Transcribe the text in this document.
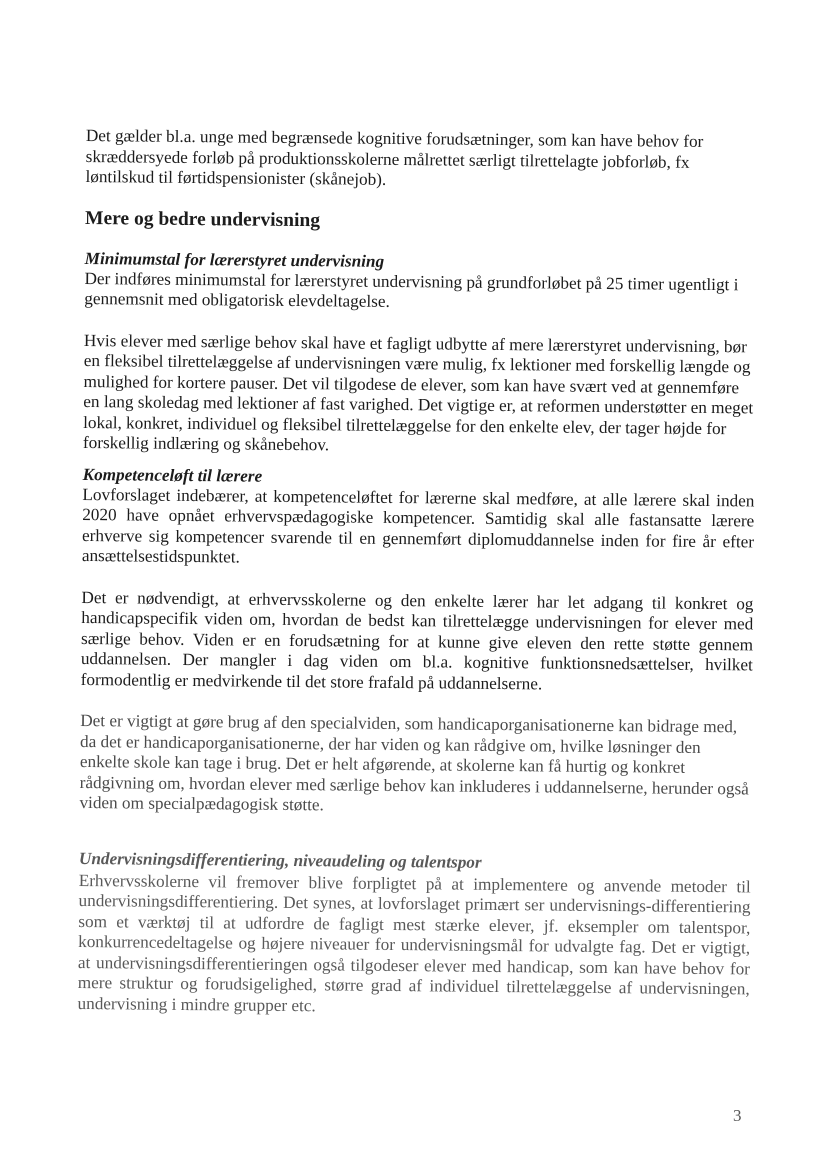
Det gælder bl.a. unge med begrænsede kognitive forudsætninger, som kan have behov for skræddersyede forløb på produktionsskolerne målrettet særligt tilrettelagte jobforløb, fx løntilskud til førtidspensionister (skånejob).

Mere og bedre undervisning
Minimumstal for lærerstyret undervisning

Der indføres minimumstal for lærerstyret undervisning på grundforløbet på 25 timer ugentligt i gennemsnit med obligatorisk elevdeltagelse.

Hvis elever med særlige behov skal have et fagligt udbytte af mere lærerstyret undervisning, bør en fleksibel tilrettelæggelse af undervisningen være mulig, fx lektioner med forskellig længde og mulighed for kortere pauser. Det vil tilgodese de elever, som kan have svært ved at gennemføre en lang skoledag med lektioner af fast varighed. Det vigtige er, at reformen understøtter en meget lokal, konkret, individuel og fleksibel tilrettelæggelse for den enkelte elev, der tager højde for forskellig indlæring og skånebehov.

Kompetenceløft til lærere

Lovforslaget indebærer, at kompetenceløftet for lærerne skal medføre, at alle lærere skal inden 2020 have opnået erhvervspædagogiske kompetencer. Samtidig skal alle fastansatte lærere erhverve sig kompetencer svarende til en gennemført diplomuddannelse inden for fire år efter ansættelsestidspunktet.

Det er nødvendigt, at erhvervsskolerne og den enkelte lærer har let adgang til konkret og handicapspecifik viden om, hvordan de bedst kan tilrettelægge undervisningen for elever med særlige behov. Viden er en forudsætning for at kunne give eleven den rette støtte gennem uddannelsen. Der mangler i dag viden om bl.a. kognitive funktionsnedsættelser, hvilket formodentlig er medvirkende til det store frafald på uddannelserne.

Det er vigtigt at gøre brug af den specialviden, som handicaporganisationerne kan bidrage med, da det er handicaporganisationerne, der har viden og kan rådgive om, hvilke løsninger den enkelte skole kan tage i brug. Det er helt afgørende, at skolerne kan få hurtig og konkret rådgivning om, hvordan elever med særlige behov kan inkluderes i uddannelserne, herunder også viden om specialpædagogisk støtte.

Undervisningsdifferentiering, niveaudeling og talentspor

Erhvervsskolerne vil fremover blive forpligtet på at implementere og anvende metoder til undervisningsdifferentiering. Det synes, at lovforslaget primært ser undervisnings-differentiering som et værktøj til at udfordre de fagligt mest stærke elever, jf. eksempler om talentspor, konkurrencedeltagelse og højere niveauer for undervisningsmål for udvalgte fag. Det er vigtigt, at undervisningsdifferentieringen også tilgodeser elever med handicap, som kan have behov for mere struktur og forudsigelighed, større grad af individuel tilrettelæggelse af undervisningen, undervisning i mindre grupper etc.

3
